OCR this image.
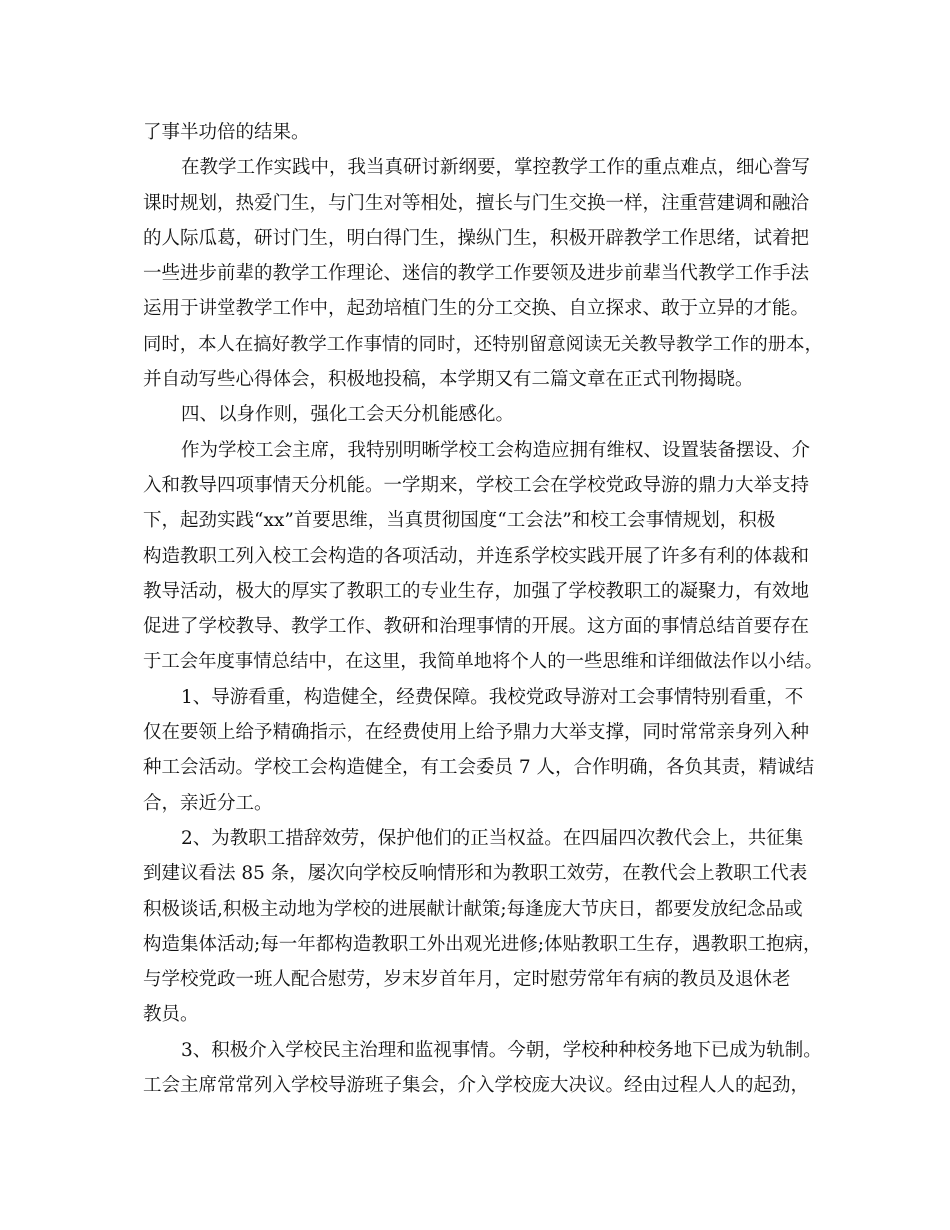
了事半功倍的结果。
在教学工作实践中，我当真研讨新纲要，掌控教学工作的重点难点，细心誊写
课时规划，热爱门生，与门生对等相处，擅长与门生交换一样，注重营建调和融洽
的人际瓜葛，研讨门生，明白得门生，操纵门生，积极开辟教学工作思绪，试着把
一些进步前辈的教学工作理论、迷信的教学工作要领及进步前辈当代教学工作手法
运用于讲堂教学工作中，起劲培植门生的分工交换、自立探求、敢于立异的才能。
同时，本人在搞好教学工作事情的同时，还特别留意阅读无关教导教学工作的册本，
并自动写些心得体会，积极地投稿，本学期又有二篇文章在正式刊物揭晓。
四、以身作则，强化工会天分机能感化。
作为学校工会主席，我特别明晰学校工会构造应拥有维权、设置装备摆设、介
入和教导四项事情天分机能。一学期来，学校工会在学校党政导游的鼎力大举支持
下，起劲实践“xx”首要思维，当真贯彻国度“工会法”和校工会事情规划，积极
构造教职工列入校工会构造的各项活动，并连系学校实践开展了许多有利的体裁和
教导活动，极大的厚实了教职工的专业生存，加强了学校教职工的凝聚力，有效地
促进了学校教导、教学工作、教研和治理事情的开展。这方面的事情总结首要存在
于工会年度事情总结中，在这里，我简单地将个人的一些思维和详细做法作以小结。
1、导游看重，构造健全，经费保障。我校党政导游对工会事情特别看重，不
仅在要领上给予精确指示，在经费使用上给予鼎力大举支撑，同时常常亲身列入种
种工会活动。学校工会构造健全，有工会委员 7 人，合作明确，各负其责，精诚结
合，亲近分工。
2、为教职工措辞效劳，保护他们的正当权益。在四届四次教代会上，共征集
到建议看法 85 条，屡次向学校反响情形和为教职工效劳，在教代会上教职工代表
积极谈话,积极主动地为学校的进展献计献策;每逢庞大节庆日，都要发放纪念品或
构造集体活动;每一年都构造教职工外出观光进修;体贴教职工生存，遇教职工抱病，
与学校党政一班人配合慰劳，岁末岁首年月，定时慰劳常年有病的教员及退休老
教员。
3、积极介入学校民主治理和监视事情。今朝，学校种种校务地下已成为轨制。
工会主席常常列入学校导游班子集会，介入学校庞大决议。经由过程人人的起劲，
